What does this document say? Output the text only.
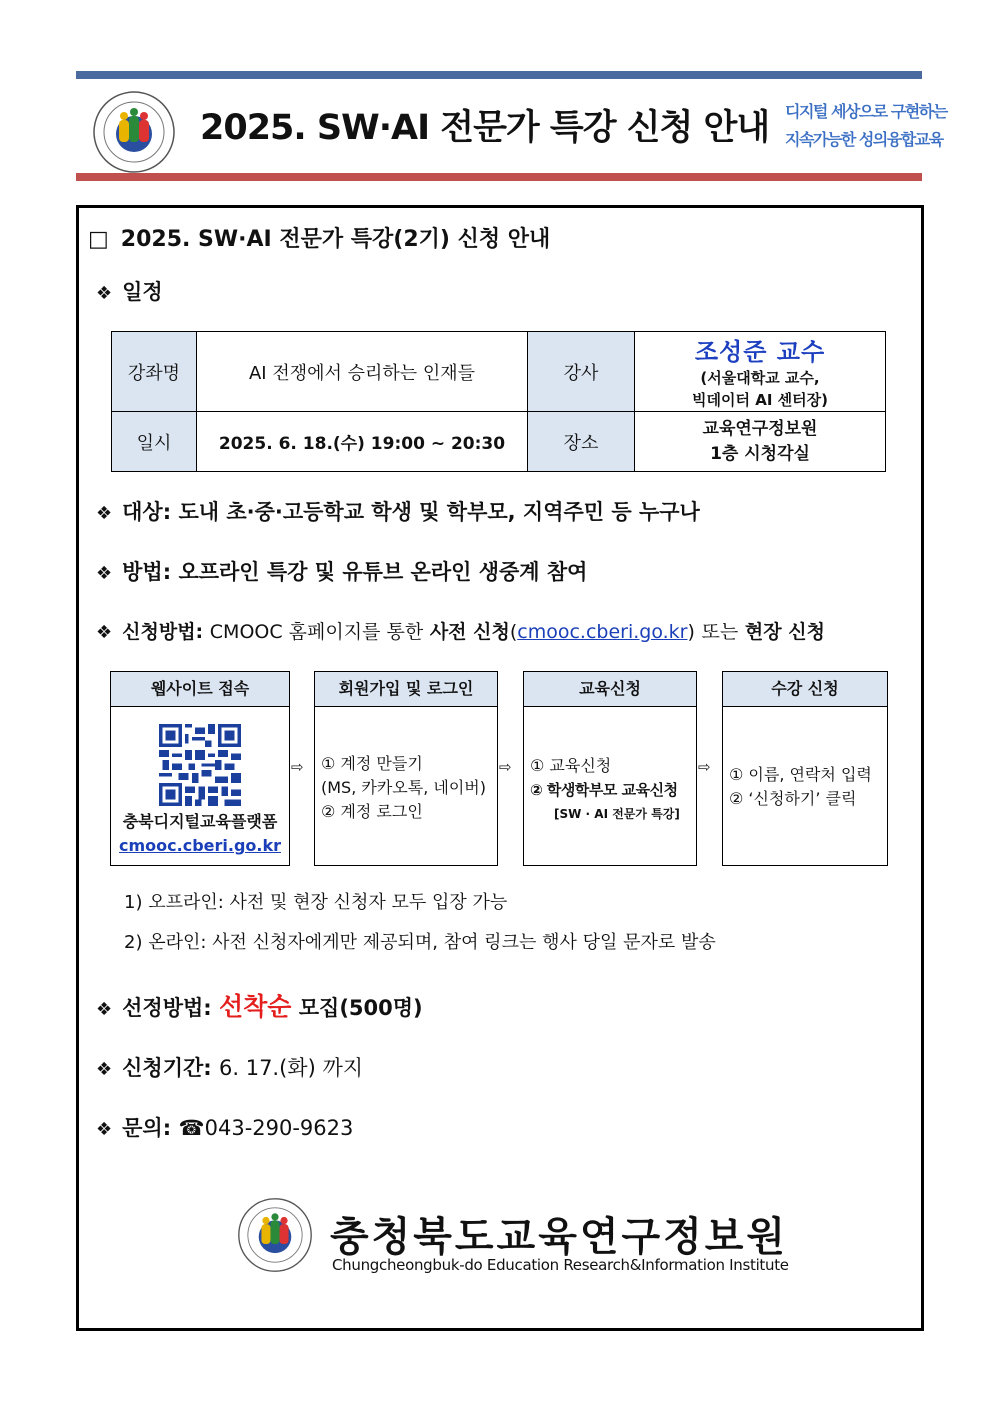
2025. SW·AI 전문가 특강 신청 안내 디지털 세상으로 구현하는
지속가능한 성의융합교육
□ 2025. SW·AI 전문가 특강(2기) 신청 안내
❖ 일정
강좌명	AI 전쟁에서 승리하는 인재들	강사	조성준 교수
(서울대학교 교수,
빅데이터 AI 센터장)

일시	2025. 6. 18.(수) 19:00 ~ 20:30	장소	교육연구정보원
1층 시청각실
❖ 대상: 도내 초·중·고등학교 학생 및 학부모, 지역주민 등 누구나
❖ 방법: 오프라인 특강 및 유튜브 온라인 생중계 참여
❖ 신청방법: CMOOC 홈페이지를 통한 사전 신청(cmooc.cberi.go.kr) 또는 현장 신청
웹사이트 접속
충북디지털교육플랫폼
cmooc.cberi.go.kr
⇨
회원가입 및 로그인
① 계정 만들기
(MS, 카카오톡, 네이버)
② 계정 로그인
⇨
교육신청
① 교육신청
② 학생학부모 교육신청
[SW · AI 전문가 특강]
⇨
수강 신청
① 이름, 연락처 입력
② ‘신청하기’ 클릭
1) 오프라인: 사전 및 현장 신청자 모두 입장 가능
2) 온라인: 사전 신청자에게만 제공되며, 참여 링크는 행사 당일 문자로 발송
❖ 선정방법: 선착순 모집(500명)
❖ 신청기간: 6. 17.(화) 까지
❖ 문의: ☎043-290-9623
충청북도교육연구정보원
Chungcheongbuk-do Education Research&Information Institute
